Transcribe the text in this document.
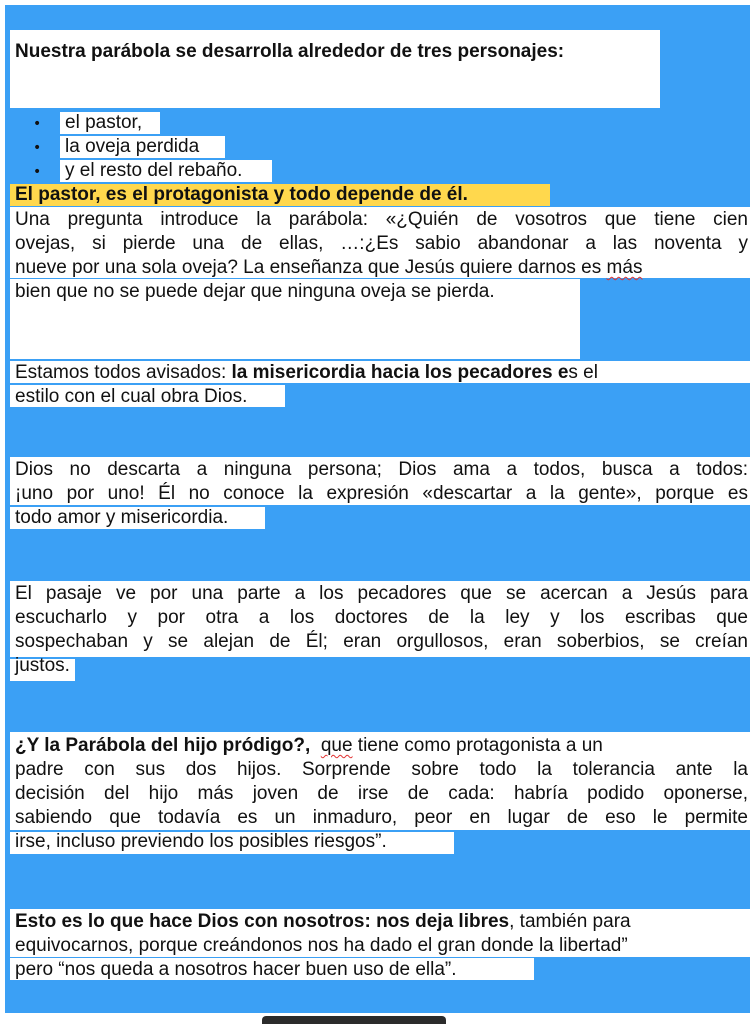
Nuestra parábola se desarrolla alrededor de tres personajes:
• el pastor,
• la oveja perdida
• y el resto del rebaño.
El pastor, es el protagonista y todo depende de él.
Una pregunta introduce la parábola: «¿Quién de vosotros que tiene cien
ovejas, si pierde una de ellas, …:¿Es sabio abandonar a las noventa y
nueve por una sola oveja? La enseñanza que Jesús quiere darnos es más
bien que no se puede dejar que ninguna oveja se pierda.
Estamos todos avisados: la misericordia hacia los pecadores es el
estilo con el cual obra Dios.
Dios no descarta a ninguna persona; Dios ama a todos, busca a todos:
¡uno por uno! Él no conoce la expresión «descartar a la gente», porque es
todo amor y misericordia.
El pasaje ve por una parte a los pecadores que se acercan a Jesús para
escucharlo y por otra a los doctores de la ley y los escribas que
sospechaban y se alejan de Él; eran orgullosos, eran soberbios, se creían
justos.
¿Y la Parábola del hijo pródigo?, que tiene como protagonista a un
padre con sus dos hijos. Sorprende sobre todo la tolerancia ante la
decisión del hijo más joven de irse de cada: habría podido oponerse,
sabiendo que todavía es un inmaduro, peor en lugar de eso le permite
irse, incluso previendo los posibles riesgos”.
Esto es lo que hace Dios con nosotros: nos deja libres, también para
equivocarnos, porque creándonos nos ha dado el gran donde la libertad”
pero “nos queda a nosotros hacer buen uso de ella”.
